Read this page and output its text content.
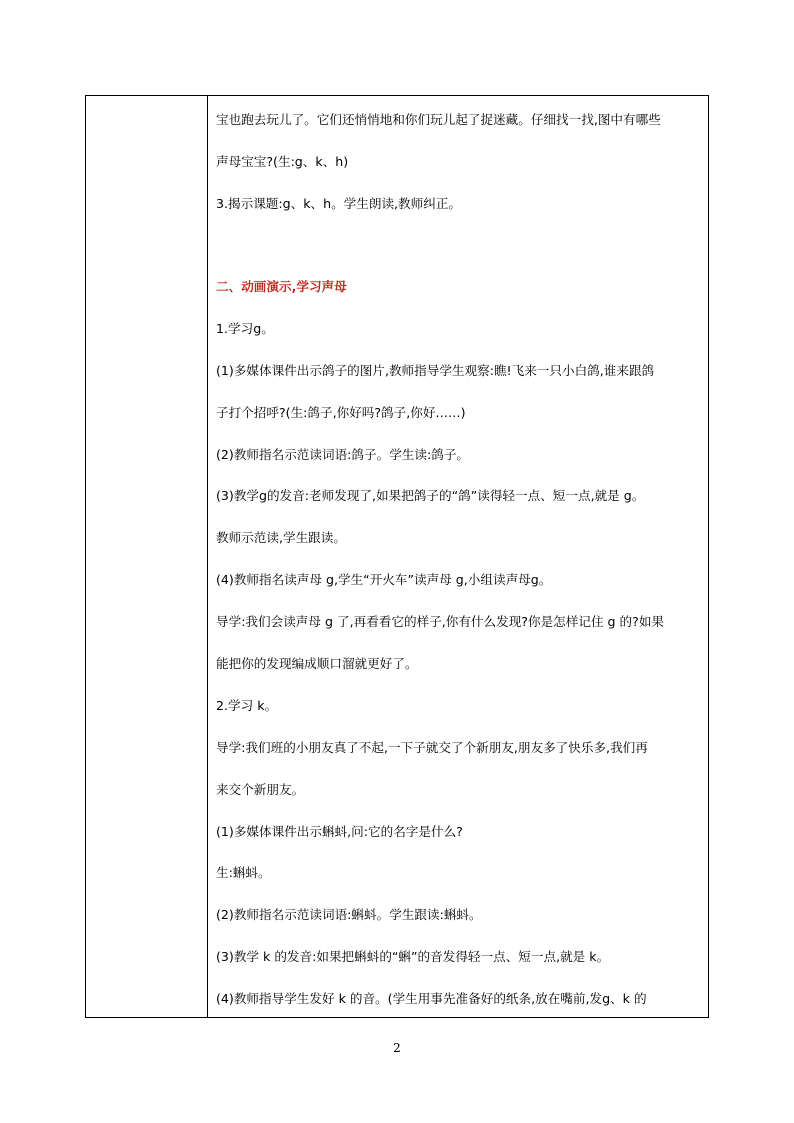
宝也跑去玩儿了。它们还悄悄地和你们玩儿起了捉迷藏。仔细找一找,图中有哪些
声母宝宝?(生:g、k、h)
3.揭示课题:g、k、h。学生朗读,教师纠正。
二、动画演示,学习声母
1.学习g。
(1)多媒体课件出示鸽子的图片,教师指导学生观察:瞧!飞来一只小白鸽,谁来跟鸽
子打个招呼?(生:鸽子,你好吗?鸽子,你好……)
(2)教师指名示范读词语:鸽子。学生读:鸽子。
(3)教学g的发音:老师发现了,如果把鸽子的“鸽”读得轻一点、短一点,就是 g。
教师示范读,学生跟读。
(4)教师指名读声母 g,学生“开火车”读声母 g,小组读声母g。
导学:我们会读声母 g 了,再看看它的样子,你有什么发现?你是怎样记住 g 的?如果
能把你的发现编成顺口溜就更好了。
2.学习 k。
导学:我们班的小朋友真了不起,一下子就交了个新朋友,朋友多了快乐多,我们再
来交个新朋友。
(1)多媒体课件出示蝌蚪,问:它的名字是什么?
生:蝌蚪。
(2)教师指名示范读词语:蝌蚪。学生跟读:蝌蚪。
(3)教学 k 的发音:如果把蝌蚪的“蝌”的音发得轻一点、短一点,就是 k。
(4)教师指导学生发好 k 的音。(学生用事先准备好的纸条,放在嘴前,发g、k 的
2
